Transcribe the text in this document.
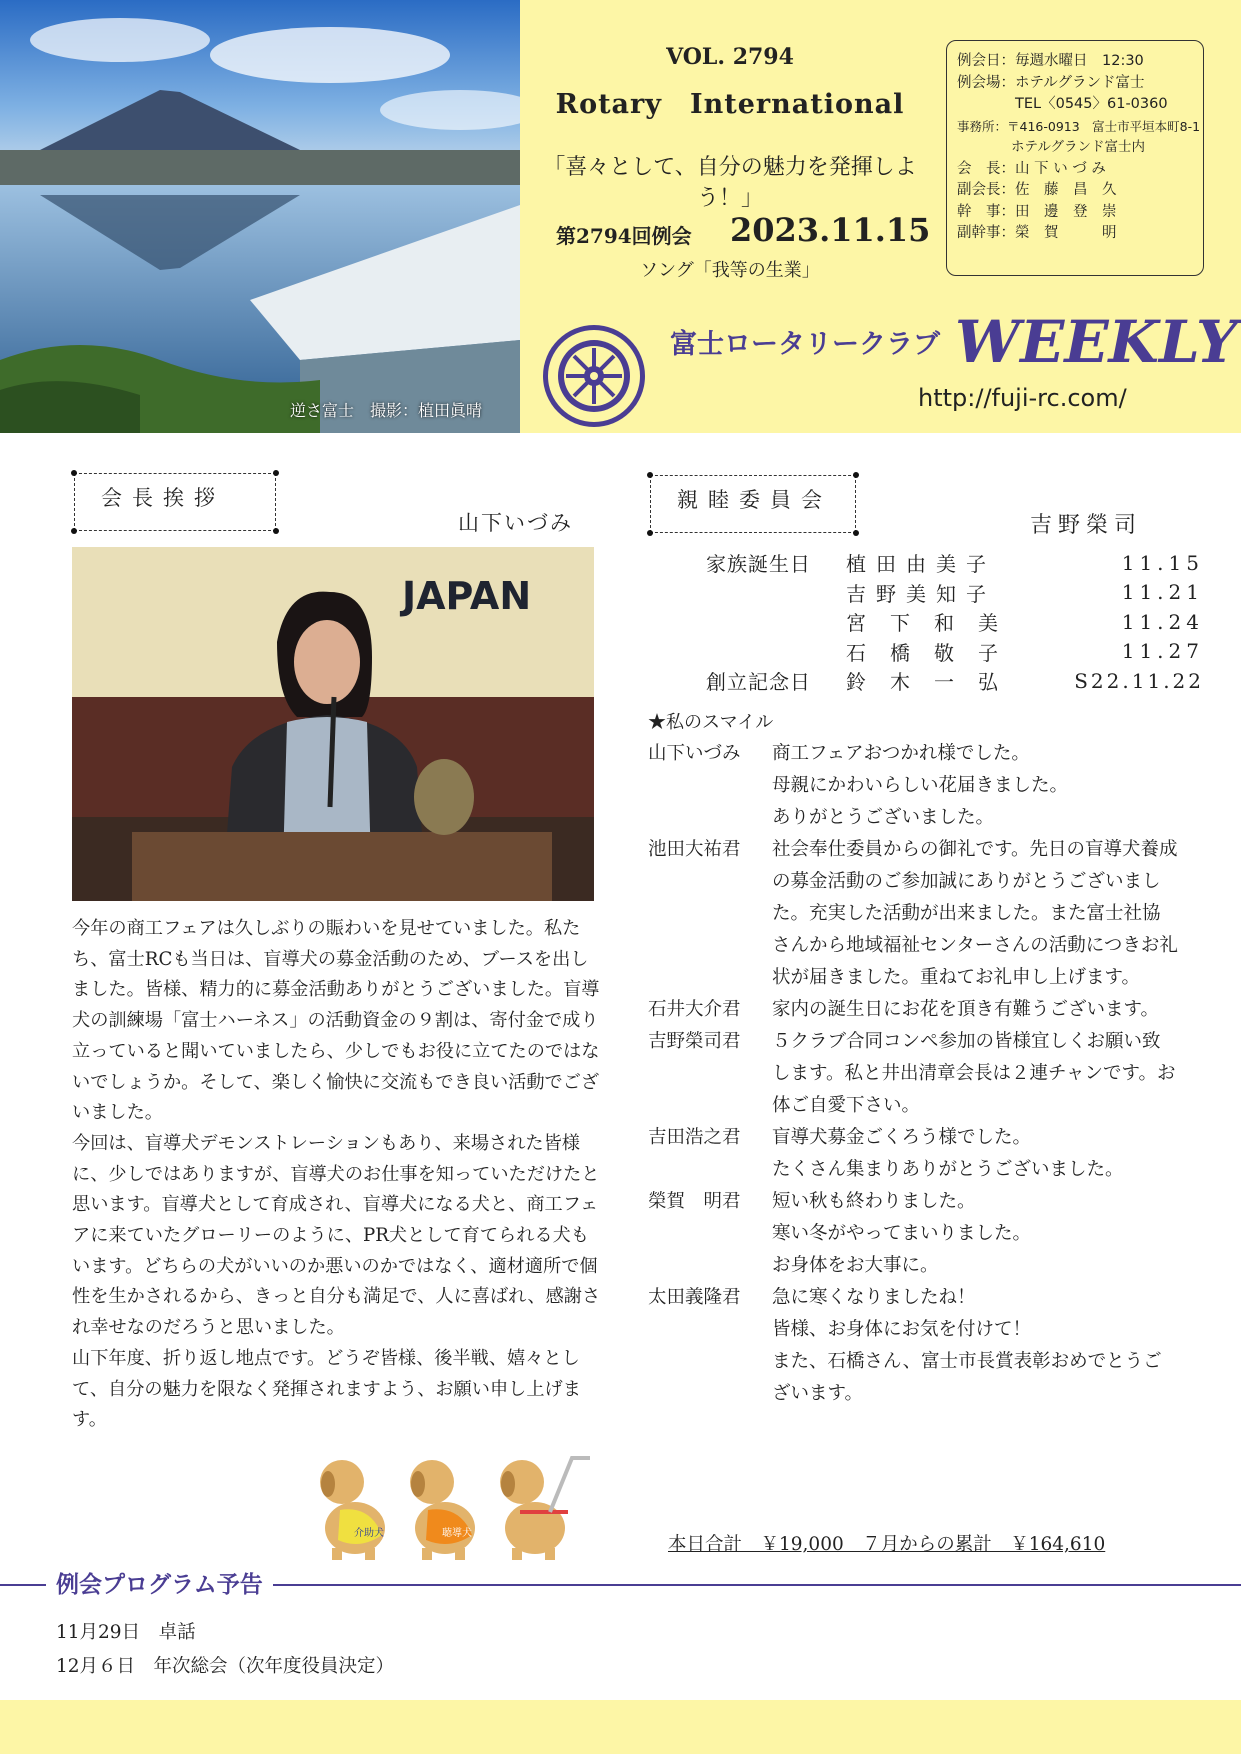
逆さ富士　撮影：植田眞晴
VOL. 2794
Rotary　International
「喜々として、自分の魅力を発揮しよう！」
第2794回例会 2023.11.15
ソング「我等の生業」
例会日：毎週水曜日　12:30
例会場：ホテルグランド富士
　　　　TEL〈0545〉61-0360
事務所：〒416-0913　富士市平垣本町8-1
　　　　ホテルグランド富士内
会　長：山 下 い づ み
副会長：佐　藤　昌　久
幹　事：田　邊　登　崇
副幹事：榮　賀　　　明
富士ロータリークラブ WEEKLY
http://fuji-rc.com/
会長挨拶
山下いづみ
JAPAN

今年の商工フェアは久しぶりの賑わいを見せていました。私たち、富士RCも当日は、盲導犬の募金活動のため、ブースを出しました。皆様、精力的に募金活動ありがとうございました。盲導犬の訓練場「富士ハーネス」の活動資金の９割は、寄付金で成り立っていると聞いていましたら、少しでもお役に立てたのではないでしょうか。そして、楽しく愉快に交流もでき良い活動でございました。

今回は、盲導犬デモンストレーションもあり、来場された皆様に、少しではありますが、盲導犬のお仕事を知っていただけたと思います。盲導犬として育成され、盲導犬になる犬と、商工フェアに来ていたグローリーのように、PR犬として育てられる犬もいます。どちらの犬がいいのか悪いのかではなく、適材適所で個性を生かされるから、きっと自分も満足で、人に喜ばれ、感謝され幸せなのだろうと思いました。

山下年度、折り返し地点です。どうぞ皆様、後半戦、嬉々として、自分の魅力を限なく発揮されますよう、お願い申し上げます。

介助犬	聴導犬
親睦委員会
吉野榮司
家族誕生日	植田由美子	11.15
	吉野美知子	11.21
	宮　下　和　美	11.24
	石　橋　敬　子	11.27
創立記念日	鈴　木　一　弘	S22.11.22
★私のスマイル
山下いづみ	商工フェアおつかれ様でした。
母親にかわいらしい花届きました。
ありがとうございました。
池田大祐君	社会奉仕委員からの御礼です。先日の盲導犬養成の募金活動のご参加誠にありがとうございました。充実した活動が出来ました。また富士社協さんから地域福祉センターさんの活動につきお礼状が届きました。重ねてお礼申し上げます。
石井大介君	家内の誕生日にお花を頂き有難うございます。
吉野榮司君	５クラブ合同コンペ参加の皆様宜しくお願い致します。私と井出清章会長は２連チャンです。お体ご自愛下さい。
吉田浩之君	盲導犬募金ごくろう様でした。
たくさん集まりありがとうございました。
榮賀　明君	短い秋も終わりました。
寒い冬がやってまいりました。
お身体をお大事に。
太田義隆君	急に寒くなりましたね！
皆様、お身体にお気を付けて！
また、石橋さん、富士市長賞表彰おめでとうございます。
本日合計　￥19,000　７月からの累計　￥164,610
例会プログラム予告
11月29日　卓話
12月６日　年次総会（次年度役員決定）
